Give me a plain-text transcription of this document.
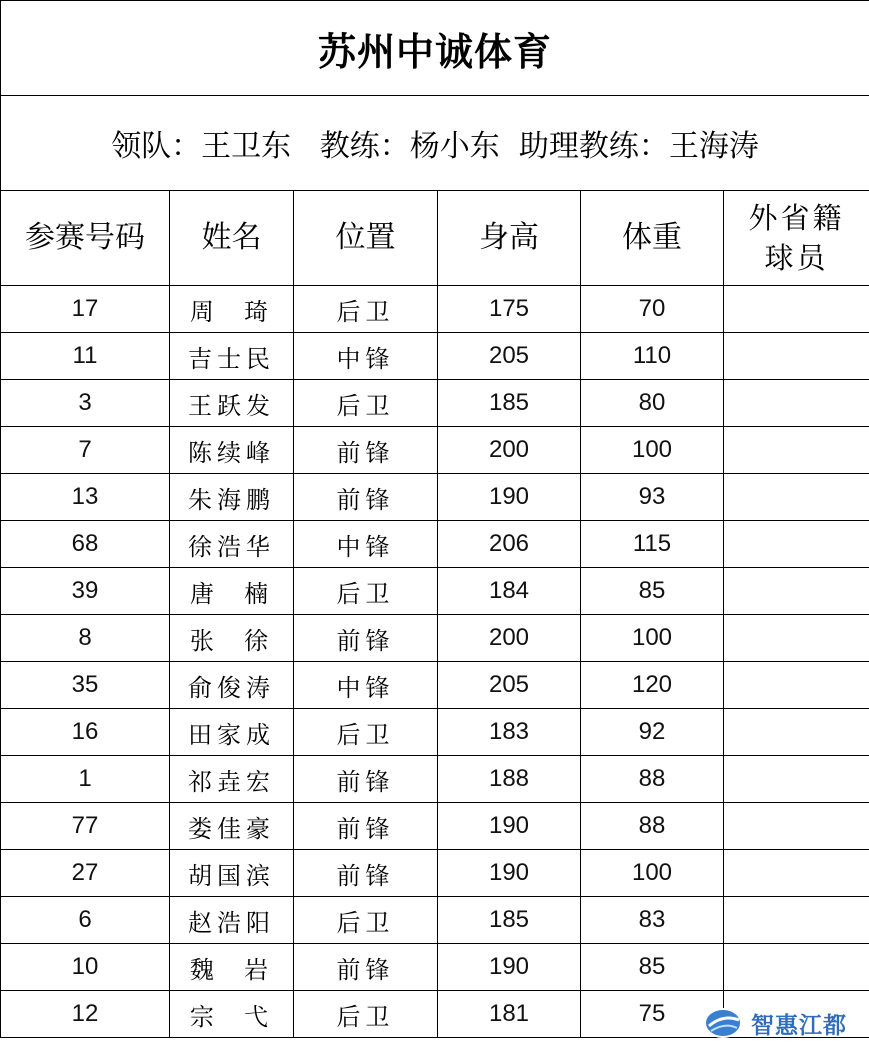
苏州中诚体育					
领队：王卫东   教练：杨小东  助理教练：王海涛					
参赛号码	姓名	位置	身高	体重	外省籍球员
17	周  琦	后卫	175	70	
11	吉士民	中锋	205	110	
3	王跃发	后卫	185	80	
7	陈续峰	前锋	200	100	
13	朱海鹏	前锋	190	93	
68	徐浩华	中锋	206	115	
39	唐  楠	后卫	184	85	
8	张  徐	前锋	200	100	
35	俞俊涛	中锋	205	120	
16	田家成	后卫	183	92	
1	祁垚宏	前锋	188	88	
77	娄佳豪	前锋	190	88	
27	胡国滨	前锋	190	100	
6	赵浩阳	后卫	185	83	
10	魏  岩	前锋	190	85	
12	宗  弋	后卫	181	75		智惠江都
